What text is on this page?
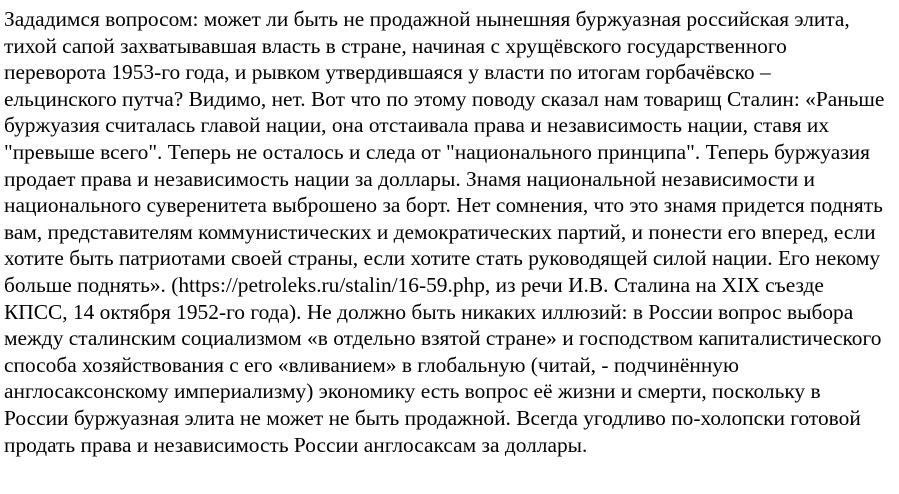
Зададимся вопросом: может ли быть не продажной нынешняя буржуазная российская элита,
тихой сапой захватывавшая власть в стране, начиная с хрущёвского государственного
переворота 1953-го года, и рывком утвердившаяся у власти по итогам горбачёвско –
ельцинского путча? Видимо, нет. Вот что по этому поводу сказал нам товарищ Сталин: «Раньше
буржуазия считалась главой нации, она отстаивала права и независимость нации, ставя их
"превыше всего". Теперь не осталось и следа от "национального принципа". Теперь буржуазия
продает права и независимость нации за доллары. Знамя национальной независимости и
национального суверенитета выброшено за борт. Нет сомнения, что это знамя придется поднять
вам, представителям коммунистических и демократических партий, и понести его вперед, если
хотите быть патриотами своей страны, если хотите стать руководящей силой нации. Его некому
больше поднять». (https://petroleks.ru/stalin/16-59.php, из речи И.В. Сталина на XIX съезде
КПСС, 14 октября 1952-го года). Не должно быть никаких иллюзий: в России вопрос выбора
между сталинским социализмом «в отдельно взятой стране» и господством капиталистического
способа хозяйствования с его «вливанием» в глобальную (читай, - подчинённую
англосаксонскому империализму) экономику есть вопрос её жизни и смерти, поскольку в
России буржуазная элита не может не быть продажной. Всегда угодливо по-холопски готовой
продать права и независимость России англосаксам за доллары.
